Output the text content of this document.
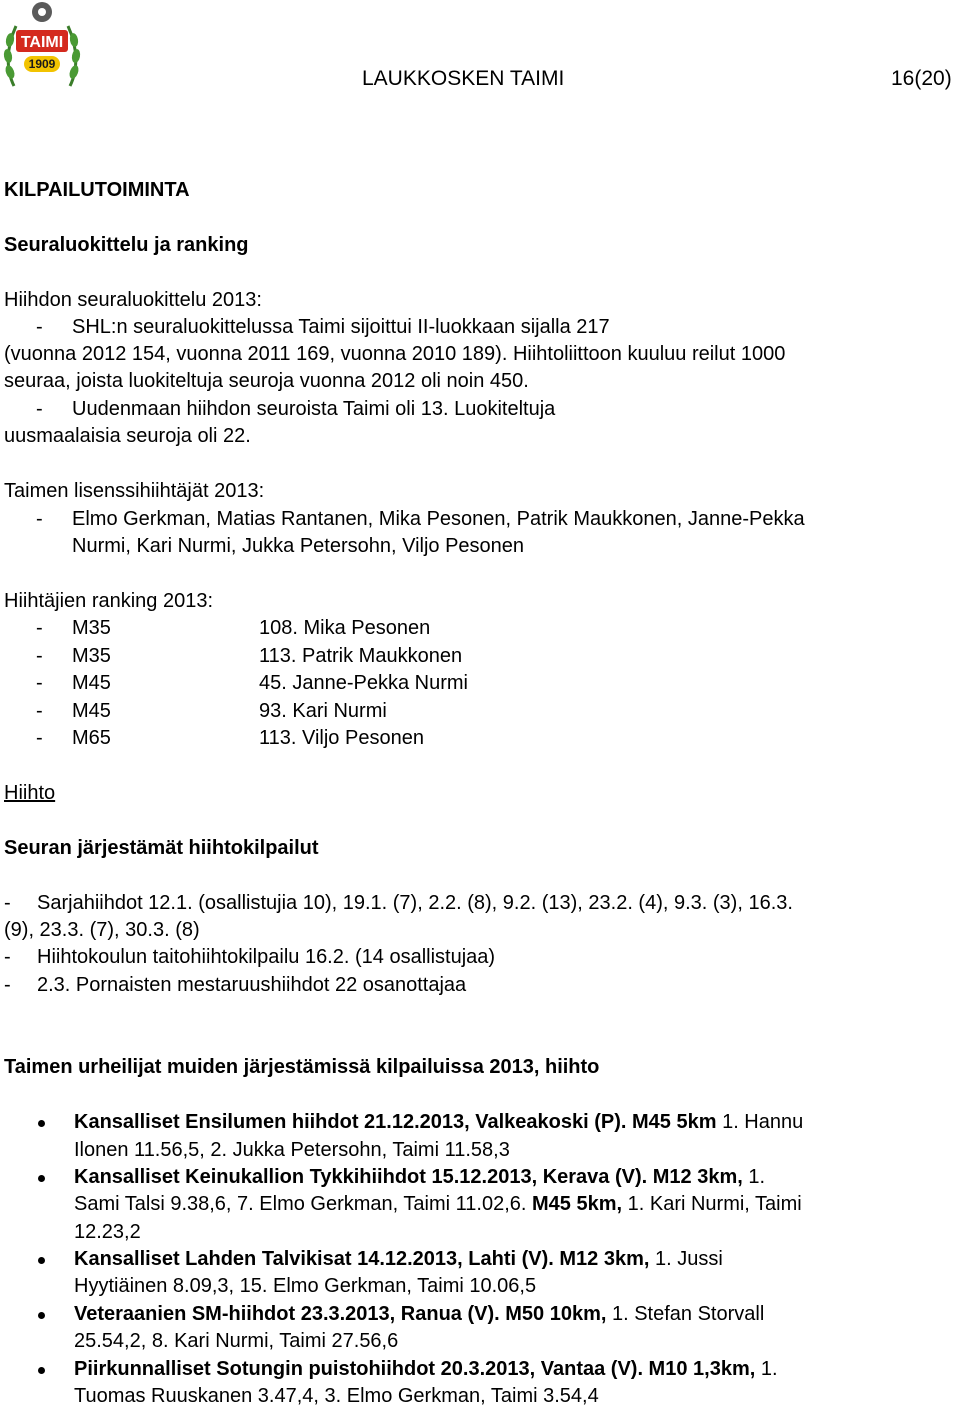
TAIMI
1909
LAUKKOSKEN TAIMI	16(20)
KILPAILUTOIMINTA
Seuraluokittelu ja ranking
Hiihdon seuraluokittelu 2013:
- SHL:n seuraluokittelussa Taimi sijoittui II-luokkaan sijalla 217
(vuonna 2012 154, vuonna 2011 169, vuonna 2010 189). Hiihtoliittoon kuuluu reilut 1000
seuraa, joista luokiteltuja seuroja vuonna 2012 oli noin 450.
- Uudenmaan hiihdon seuroista Taimi oli 13. Luokiteltuja
uusmaalaisia seuroja oli 22.
Taimen lisenssihiihtäjät 2013:
- Elmo Gerkman, Matias Rantanen, Mika Pesonen, Patrik Maukkonen, Janne-Pekka
Nurmi, Kari Nurmi, Jukka Petersohn, Viljo Pesonen
Hiihtäjien ranking 2013:
- M35	108. Mika Pesonen
- M35	113. Patrik Maukkonen
- M45	45. Janne-Pekka Nurmi
- M45	93. Kari Nurmi
- M65	113. Viljo Pesonen
Hiihto
Seuran järjestämät hiihtokilpailut
- Sarjahiihdot 12.1. (osallistujia 10), 19.1. (7), 2.2. (8), 9.2. (13), 23.2. (4), 9.3. (3), 16.3.
(9), 23.3. (7), 30.3. (8)
- Hiihtokoulun taitohiihtokilpailu 16.2. (14 osallistujaa)
- 2.3. Pornaisten mestaruushiihdot 22 osanottajaa
Taimen urheilijat muiden järjestämissä kilpailuissa 2013, hiihto
Kansalliset Ensilumen hiihdot 21.12.2013, Valkeakoski (P). M45 5km 1. Hannu
Ilonen 11.56,5, 2. Jukka Petersohn, Taimi 11.58,3
Kansalliset Keinukallion Tykkihiihdot 15.12.2013, Kerava (V). M12 3km, 1.
Sami Talsi 9.38,6, 7. Elmo Gerkman, Taimi 11.02,6. M45 5km, 1. Kari Nurmi, Taimi
12.23,2
Kansalliset Lahden Talvikisat 14.12.2013, Lahti (V). M12 3km, 1. Jussi
Hyytiäinen 8.09,3, 15. Elmo Gerkman, Taimi 10.06,5
Veteraanien SM-hiihdot 23.3.2013, Ranua (V). M50 10km, 1. Stefan Storvall
25.54,2, 8. Kari Nurmi, Taimi 27.56,6
Piirkunnalliset Sotungin puistohiihdot 20.3.2013, Vantaa (V). M10 1,3km, 1.
Tuomas Ruuskanen 3.47,4, 3. Elmo Gerkman, Taimi 3.54,4
